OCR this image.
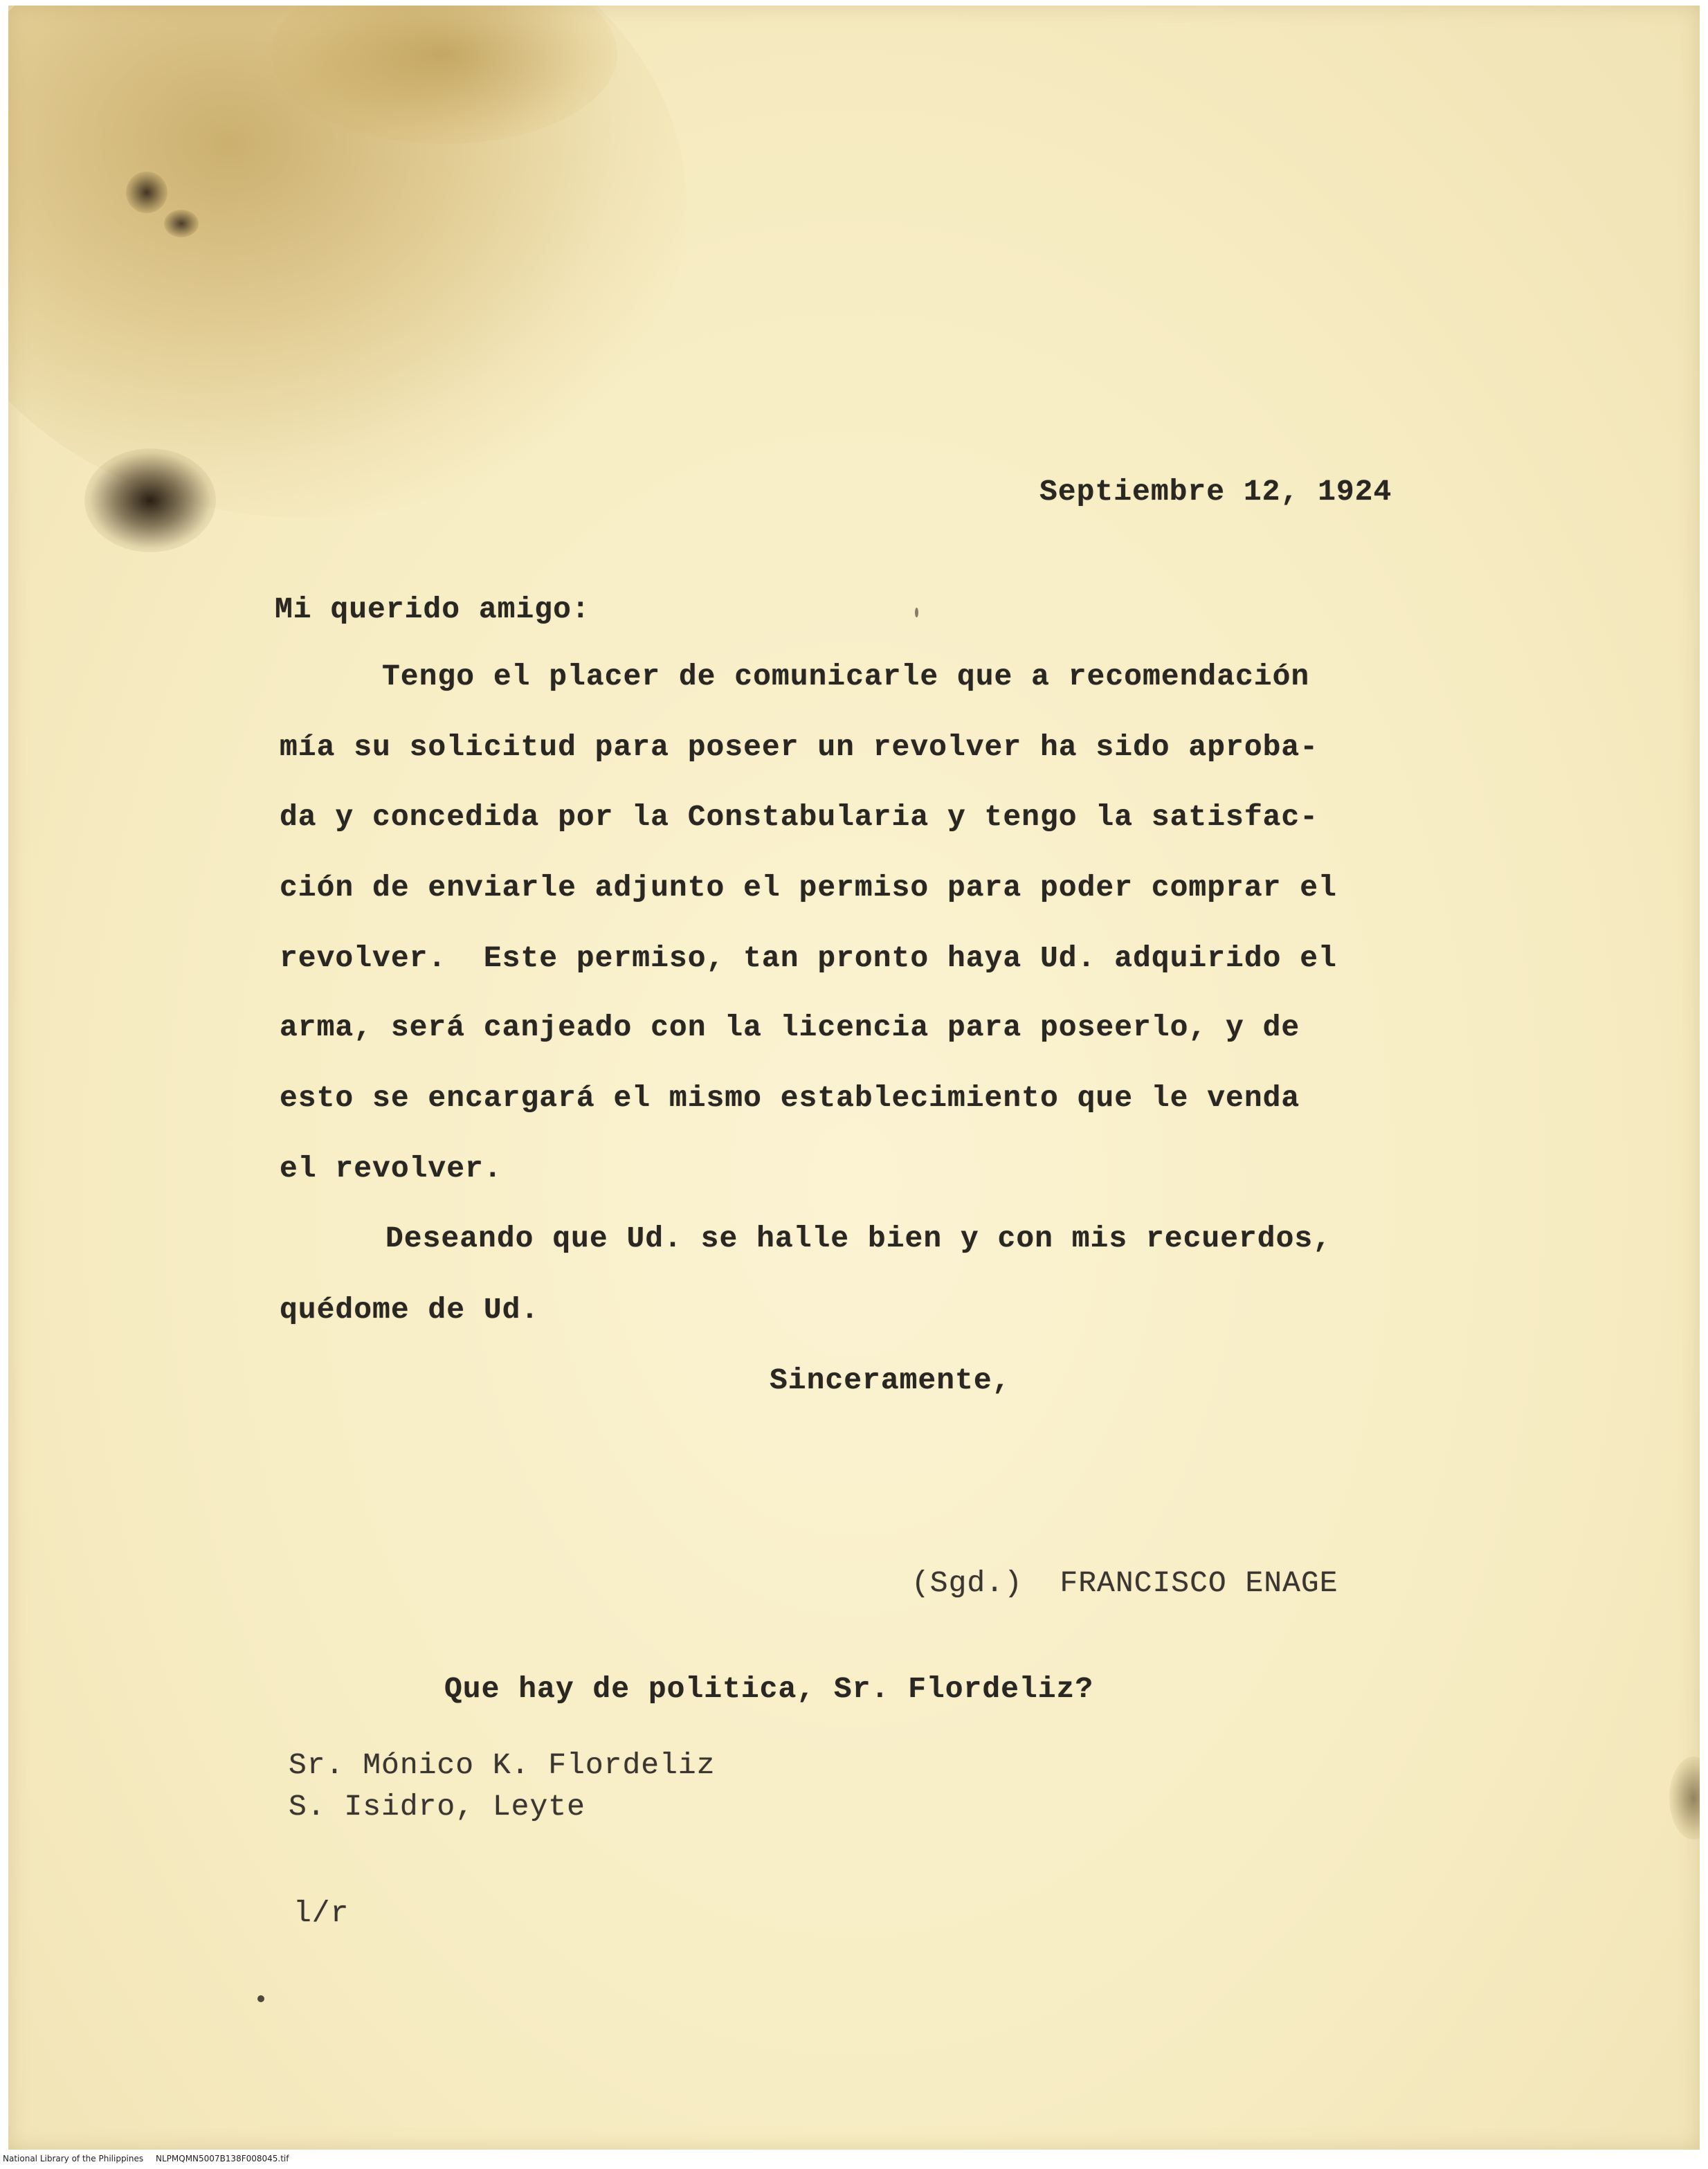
Septiembre 12, 1924

Mi querido amigo:

Tengo el placer de comunicarle que a recomendación

mía su solicitud para poseer un revolver ha sido aproba-

da y concedida por la Constabularia y tengo la satisfac-

ción de enviarle adjunto el permiso para poder comprar el

revolver.  Este permiso, tan pronto haya Ud. adquirido el

arma, será canjeado con la licencia para poseerlo, y de

esto se encargará el mismo establecimiento que le venda

el revolver.

Deseando que Ud. se halle bien y con mis recuerdos,

quédome de Ud.

Sinceramente,

(Sgd.)  FRANCISCO ENAGE

Que hay de politica, Sr. Flordeliz?

Sr. Mónico K. Flordeliz

S. Isidro, Leyte

l/r

National Library of the Philippines NLPMQMN5007B138F008045.tif
